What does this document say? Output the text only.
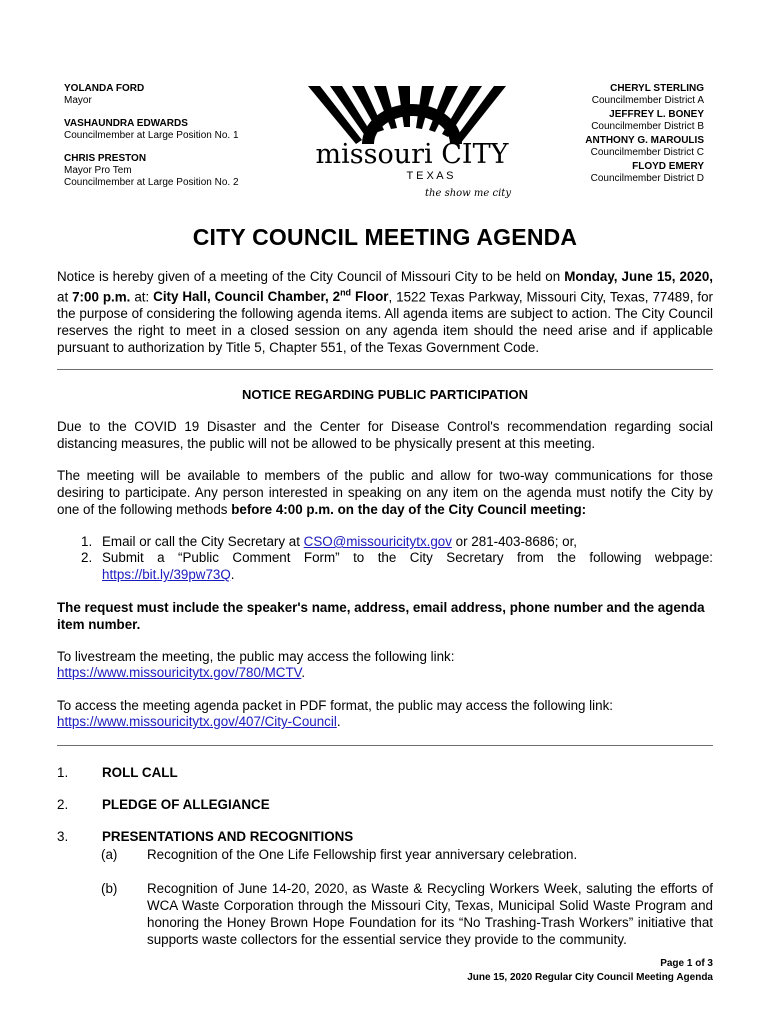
YOLANDA FORD
Mayor
VASHAUNDRA EDWARDS
Councilmember at Large Position No. 1
CHRIS PRESTON
Mayor Pro Tem
Councilmember at Large Position No. 2
missouri CITY
T E X A S
the show me city
CHERYL STERLING
Councilmember District A
JEFFREY L. BONEY
Councilmember District B
ANTHONY G. MAROULIS
Councilmember District C
FLOYD EMERY
Councilmember District D
CITY COUNCIL MEETING AGENDA
Notice is hereby given of a meeting of the City Council of Missouri City to be held on Monday, June 15, 2020, at 7:00 p.m. at: City Hall, Council Chamber, 2nd Floor, 1522 Texas Parkway, Missouri City, Texas, 77489, for the purpose of considering the following agenda items. All agenda items are subject to action. The City Council reserves the right to meet in a closed session on any agenda item should the need arise and if applicable pursuant to authorization by Title 5, Chapter 551, of the Texas Government Code.
NOTICE REGARDING PUBLIC PARTICIPATION
Due to the COVID 19 Disaster and the Center for Disease Control's recommendation regarding social distancing measures, the public will not be allowed to be physically present at this meeting.
The meeting will be available to members of the public and allow for two-way communications for those desiring to participate. Any person interested in speaking on any item on the agenda must notify the City by one of the following methods before 4:00 p.m. on the day of the City Council meeting:
1. Email or call the City Secretary at CSO@missouricitytx.gov or 281-403-8686; or,
2. Submit a “Public Comment Form” to the City Secretary from the following webpage: https://bit.ly/39pw73Q.
The request must include the speaker's name, address, email address, phone number and the agenda item number.
To livestream the meeting, the public may access the following link:
https://www.missouricitytx.gov/780/MCTV.
To access the meeting agenda packet in PDF format, the public may access the following link:
https://www.missouricitytx.gov/407/City-Council.
1.	ROLL CALL
2.	PLEDGE OF ALLEGIANCE
3.	PRESENTATIONS AND RECOGNITIONS
(a) Recognition of the One Life Fellowship first year anniversary celebration.
(b) Recognition of June 14-20, 2020, as Waste & Recycling Workers Week, saluting the efforts of WCA Waste Corporation through the Missouri City, Texas, Municipal Solid Waste Program and honoring the Honey Brown Hope Foundation for its “No Trashing-Trash Workers” initiative that supports waste collectors for the essential service they provide to the community.
Page 1 of 3
June 15, 2020 Regular City Council Meeting Agenda
